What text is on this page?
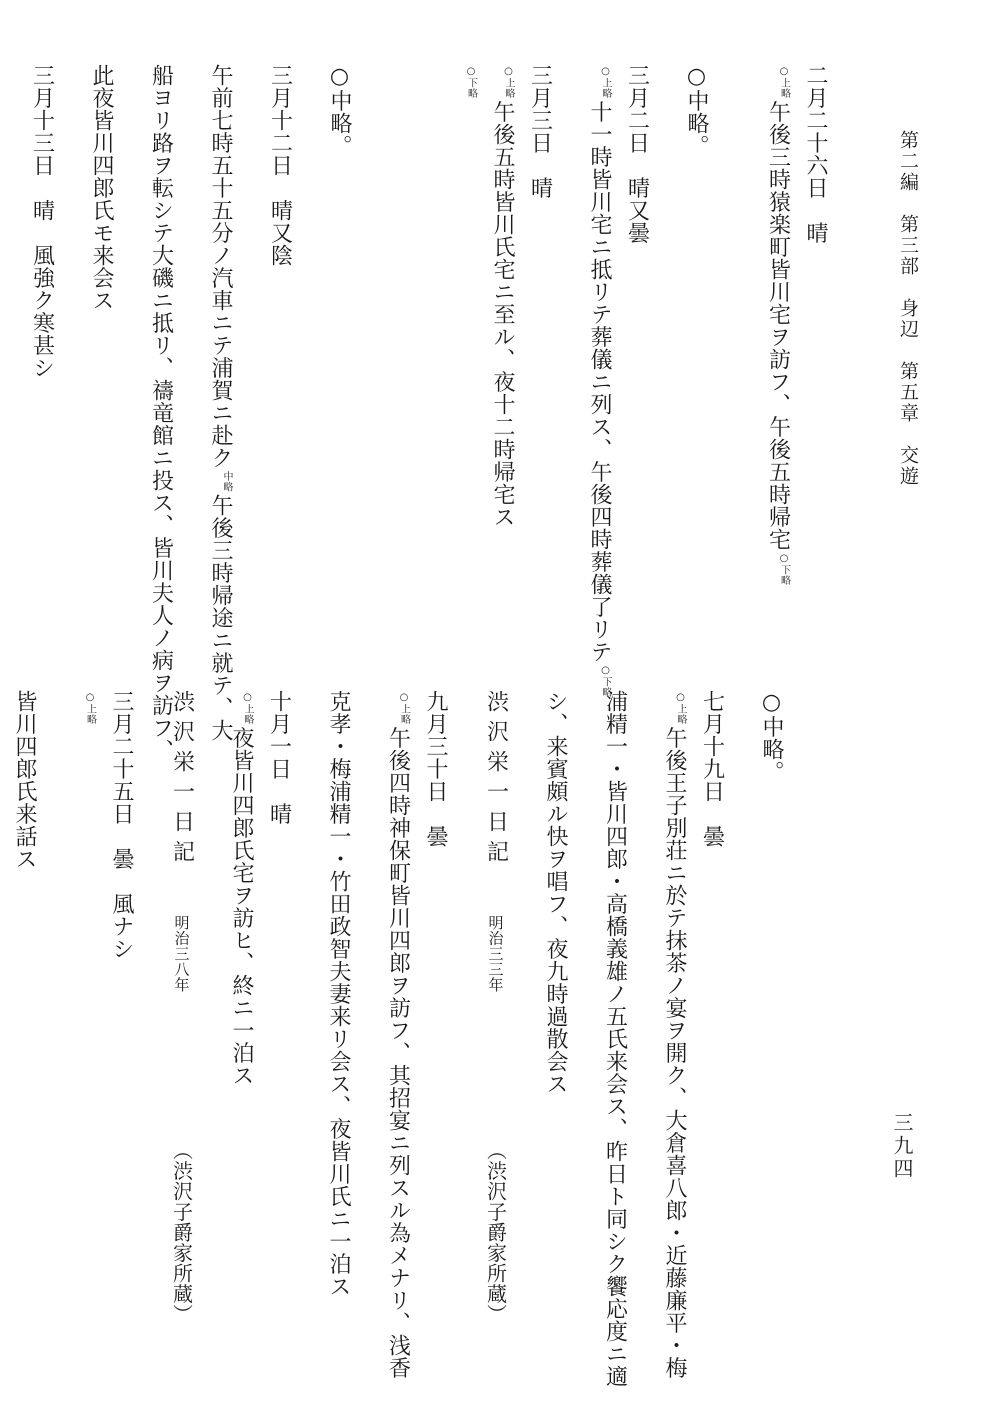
第二編　第三部　身辺　第五章　交遊
三九四
二月二十六日　晴
○上略午後三時猿楽町皆川宅ヲ訪フ、午後五時帰宅○下略
○中略。
三月二日　晴又曇
○上略十一時皆川宅ニ抵リテ葬儀ニ列ス、午後四時葬儀了リテ○下略
三月三日　晴
○上略午後五時皆川氏宅ニ至ル、夜十二時帰宅ス
○下略
○中略。
三月十二日　晴又陰
午前七時五十五分ノ汽車ニテ浦賀ニ赴ク中略午後三時帰途ニ就テ、大
船ヨリ路ヲ転シテ大磯ニ抵リ、禱竜館ニ投ス、皆川夫人ノ病ヲ訪フ、
此夜皆川四郎氏モ来会ス
三月十三日　晴　風強ク寒甚シ
○中略。
七月十九日　曇
○上略午後王子別荘ニ於テ抹茶ノ宴ヲ開ク、大倉喜八郎・近藤廉平・梅
浦精一・皆川四郎・高橋義雄ノ五氏来会ス、昨日ト同シク饗応度ニ適
シ、来賓頗ル快ヲ唱フ、夜九時過散会ス
渋沢栄一日記　　明治三三年　　　　　　　（渋沢子爵家所蔵）
九月三十日　曇
○上略午後四時神保町皆川四郎ヲ訪フ、其招宴ニ列スル為メナリ、浅香
克孝・梅浦精一・竹田政智夫妻来リ会ス、夜皆川氏ニ一泊ス
十月一日　晴
○上略夜皆川四郎氏宅ヲ訪ヒ、終ニ一泊ス
渋沢栄一日記　　明治三八年　　　　　　　（渋沢子爵家所蔵）
三月二十五日　曇　風ナシ
○上略
皆川四郎氏来話ス
